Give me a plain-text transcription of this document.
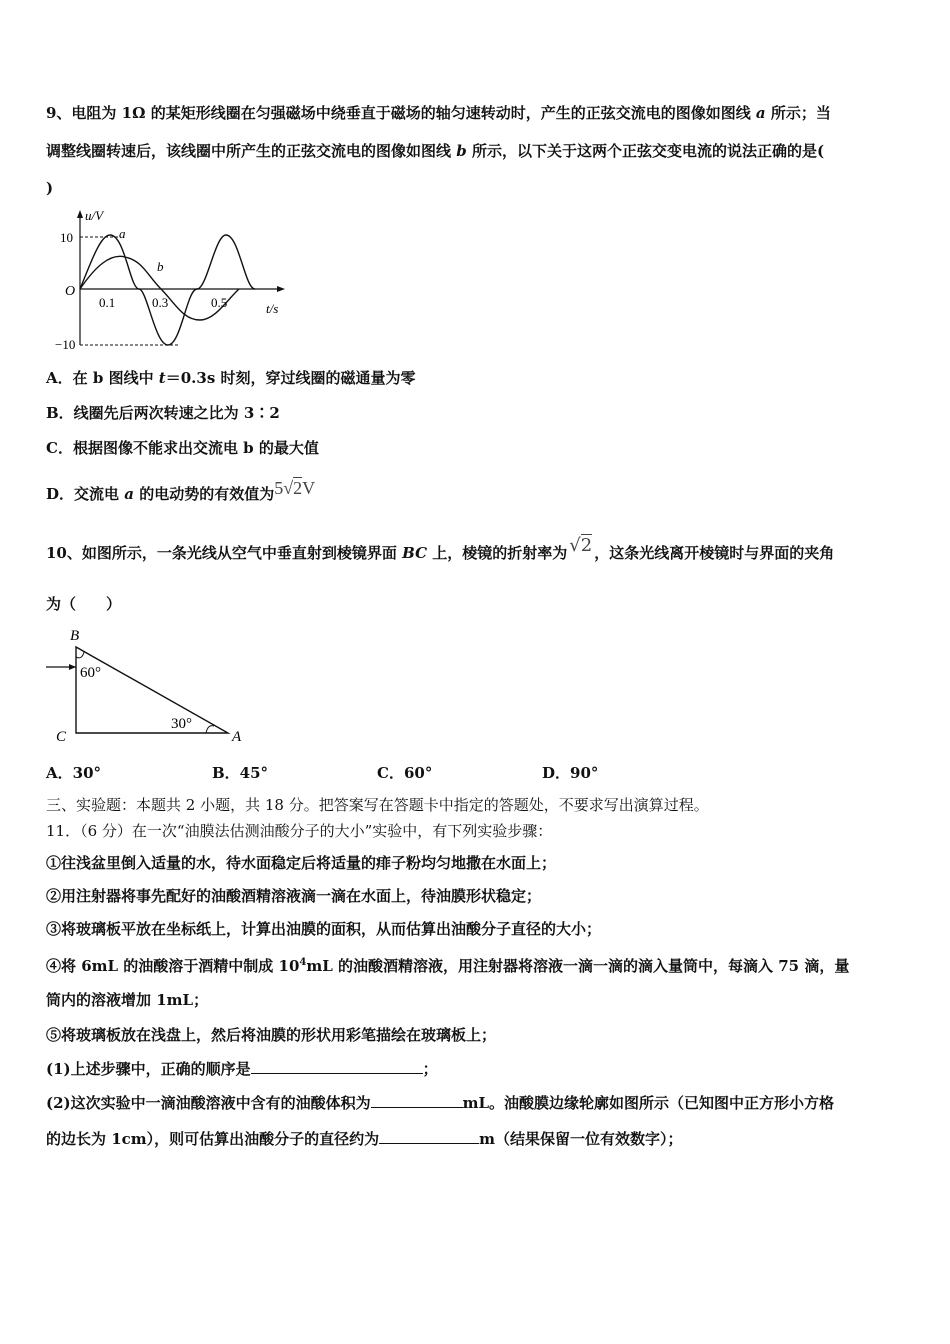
9、电阻为 1Ω 的某矩形线圈在匀强磁场中绕垂直于磁场的轴匀速转动时，产生的正弦交流电的图像如图线 a 所示；当
调整线圈转速后，该线圈中所产生的正弦交流电的图像如图线 b 所示，以下关于这两个正弦交变电流的说法正确的是(
)
u/V
10
−10
O
a
b
0.1	0.3	0.5	t/s
A．在 b 图线中 t＝0.3s 时刻，穿过线圈的磁通量为零
B．线圈先后两次转速之比为 3∶2
C．根据图像不能求出交流电 b 的最大值
D．交流电 a 的电动势的有效值为5√2V
10、如图所示，一条光线从空气中垂直射到棱镜界面 BC 上，棱镜的折射率为 √2 ，这条光线离开棱镜时与界面的夹角
为（　　）
B
C	A
60°
30°
A．30°	B．45°	C．60°	D．90°
三、实验题：本题共 2 小题，共 18 分。把答案写在答题卡中指定的答题处，不要求写出演算过程。
11．（6 分）在一次“油膜法估测油酸分子的大小”实验中，有下列实验步骤：
①往浅盆里倒入适量的水，待水面稳定后将适量的痱子粉均匀地撒在水面上；
②用注射器将事先配好的油酸酒精溶液滴一滴在水面上，待油膜形状稳定；
③将玻璃板平放在坐标纸上，计算出油膜的面积，从而估算出油酸分子直径的大小；
④将 6mL 的油酸溶于酒精中制成 $10^4mL$ 的油酸酒精溶液，用注射器将溶液一滴一滴的滴入量筒中，每滴入 75 滴，量
筒内的溶液增加 1mL；
⑤将玻璃板放在浅盘上，然后将油膜的形状用彩笔描绘在玻璃板上；
(1)上述步骤中，正确的顺序是	；
(2)这次实验中一滴油酸溶液中含有的油酸体积为	mL。油酸膜边缘轮廓如图所示（已知图中正方形小方格
的边长为 1cm），则可估算出油酸分子的直径约为	m（结果保留一位有效数字）；
